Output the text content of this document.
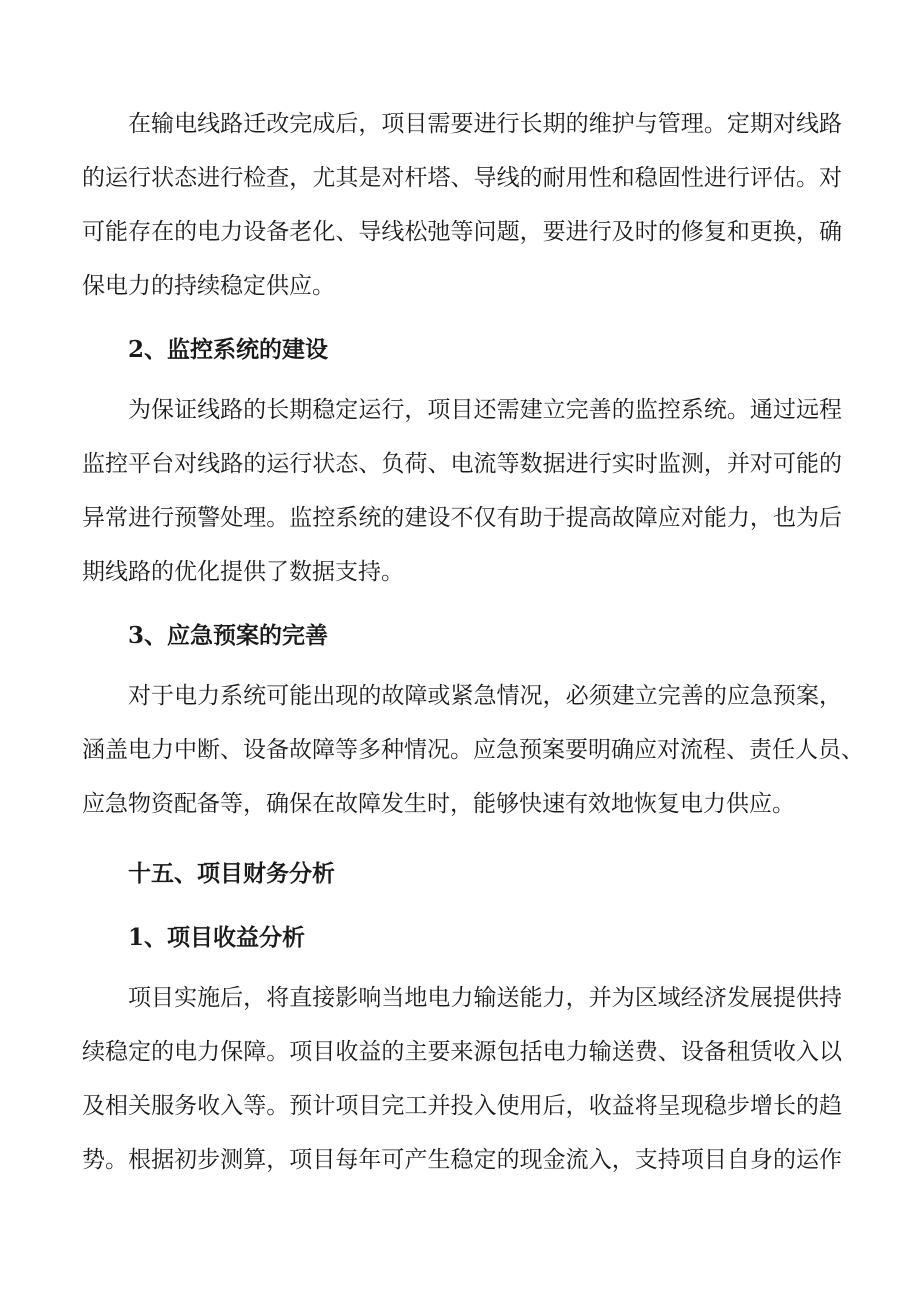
在输电线路迁改完成后，项目需要进行长期的维护与管理。定期对线路

的运行状态进行检查，尤其是对杆塔、导线的耐用性和稳固性进行评估。对

可能存在的电力设备老化、导线松弛等问题，要进行及时的修复和更换，确

保电力的持续稳定供应。

2、监控系统的建设

为保证线路的长期稳定运行，项目还需建立完善的监控系统。通过远程

监控平台对线路的运行状态、负荷、电流等数据进行实时监测，并对可能的

异常进行预警处理。监控系统的建设不仅有助于提高故障应对能力，也为后

期线路的优化提供了数据支持。

3、应急预案的完善

对于电力系统可能出现的故障或紧急情况，必须建立完善的应急预案，

涵盖电力中断、设备故障等多种情况。应急预案要明确应对流程、责任人员、

应急物资配备等，确保在故障发生时，能够快速有效地恢复电力供应。

十五、项目财务分析
1、项目收益分析

项目实施后，将直接影响当地电力输送能力，并为区域经济发展提供持

续稳定的电力保障。项目收益的主要来源包括电力输送费、设备租赁收入以

及相关服务收入等。预计项目完工并投入使用后，收益将呈现稳步增长的趋

势。根据初步测算，项目每年可产生稳定的现金流入，支持项目自身的运作
